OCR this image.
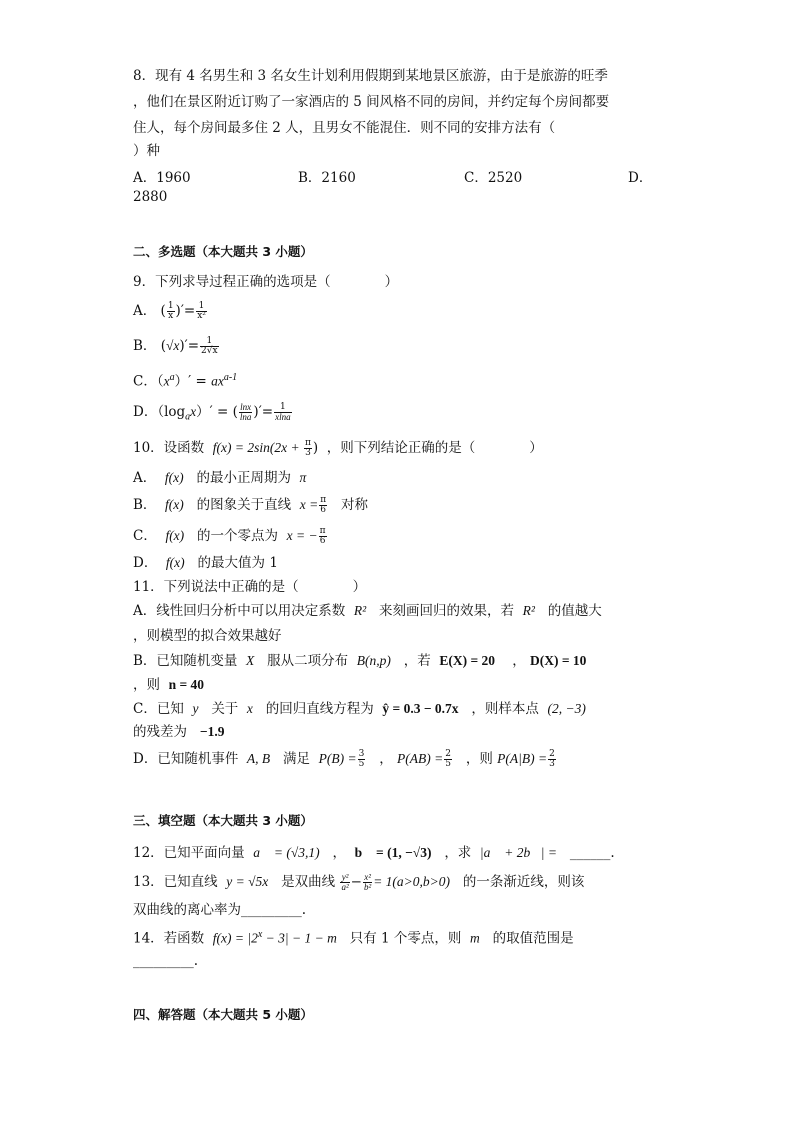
8．现有 4 名男生和 3 名女生计划利用假期到某地景区旅游，由于是旅游的旺季
，他们在景区附近订购了一家酒店的 5 间风格不同的房间，并约定每个房间都要
住人，每个房间最多住 2 人，且男女不能混住．则不同的安排方法有（
）种
A．1960	B．2160	C．2520	D．
2880
二、多选题（本大题共 3 小题）
9．下列求导过程正确的选项是（　　　　）
A． ( $\frac{1}{x}$ )′= $\frac{1}{\text{x²}}$
B． $(√x)'= \frac{1}{2√x}$
C．$(x^a)' = ax^{a-1}$
D．$(\log_ax)'$ = ( $\frac{\ln x}{\ln a}$ )′= $\frac{1}{xlna}$
10．设函数 $f(x) = 2\sin(2x + \frac{\pi}{3}$ ) ，则下列结论正确的是（　　　　）
A． f(x) 的最小正周期为 π
B． f(x) 的图象关于直线 $x = \frac{\pi}{6}$ 对称
C． f(x) 的一个零点为 x = − $\frac{\pi}{6}$
D． f(x) 的最大值为 1
11．下列说法中正确的是（　　　　）
A．线性回归分析中可以用决定系数 R² 来刻画回归的效果，若 R² 的值越大
，则模型的拟合效果越好
B．已知随机变量 X 服从二项分布 B(n,p) ，若 E(X) = 20 ， D(X) = 10
，则 n = 40
C．已知 y 关于 x 的回归直线方程为 ŷ = 0.3 − 0.7x ，则样本点 (2, −3)
的残差为 −1.9
D．已知随机事件 A, B 满足 $P(B) = \frac{3}{5}$ ， $P(AB) = \frac{2}{5}$ ，则 $P(A|B) = \frac{2}{3}$
三、填空题（本大题共 3 小题）
12．已知平面向量 a⃗ = (√3,1) ， b⃗ = (1, −√3) ，求 |a⃗ + 2b⃗| = ______.
13．已知直线 y = √5x 是双曲线 $\frac{\text{y²}}{\text{a²}} - \frac{\text{x²}}{\text{b²}} = 1(a>0,b>0)$ 的一条渐近线，则该
双曲线的离心率为_________.
14．若函数 $f(x) = |2^x - 3| - 1 - m$ 只有 1 个零点，则 m 的取值范围是
_________.
四、解答题（本大题共 5 小题）
